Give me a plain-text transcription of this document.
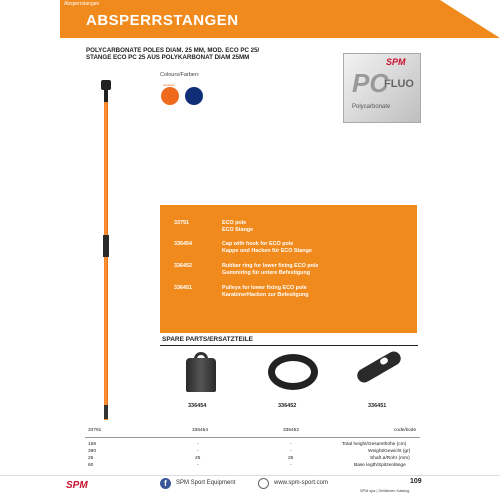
Absperrstangen
ABSPERRSTANGEN
POLYCARBONATE POLES DIAM. 25 MM, MOD. ECO PC 25/
STANGE ECO PC 25 AUS POLYKARBONAT DIAM 25MM
Colours/Farben:
standard
SPM
PC
FLUO
Polycarbonate
33791	ECO pole
ECO Stange
336454	Cap with hook for ECO pole
Kappe und Hacken für ECO Stange
336452	Rubber ring for lower fixing ECO pole
Gummiring für untere Befestigung
336451	Pulleys for lower fixing ECO pole
KarabinerHacken zur Befestigung
SPARE PARTS/ERSATZTEILE
336454	336452	336451
33791	336454	336452	code/kode
168	-	-	Total height/Gesamthöhe (cm)
390	-	-	Weight/Gewicht (gr)
25	25	25	Shaft ø/Rohr (mm)
60	-	-	Base legth/Spitzenlänge
SPM	f	SPM Sport Equipment	www.spm-sport.com	109
SPM spa | Sellähnen Katalog
